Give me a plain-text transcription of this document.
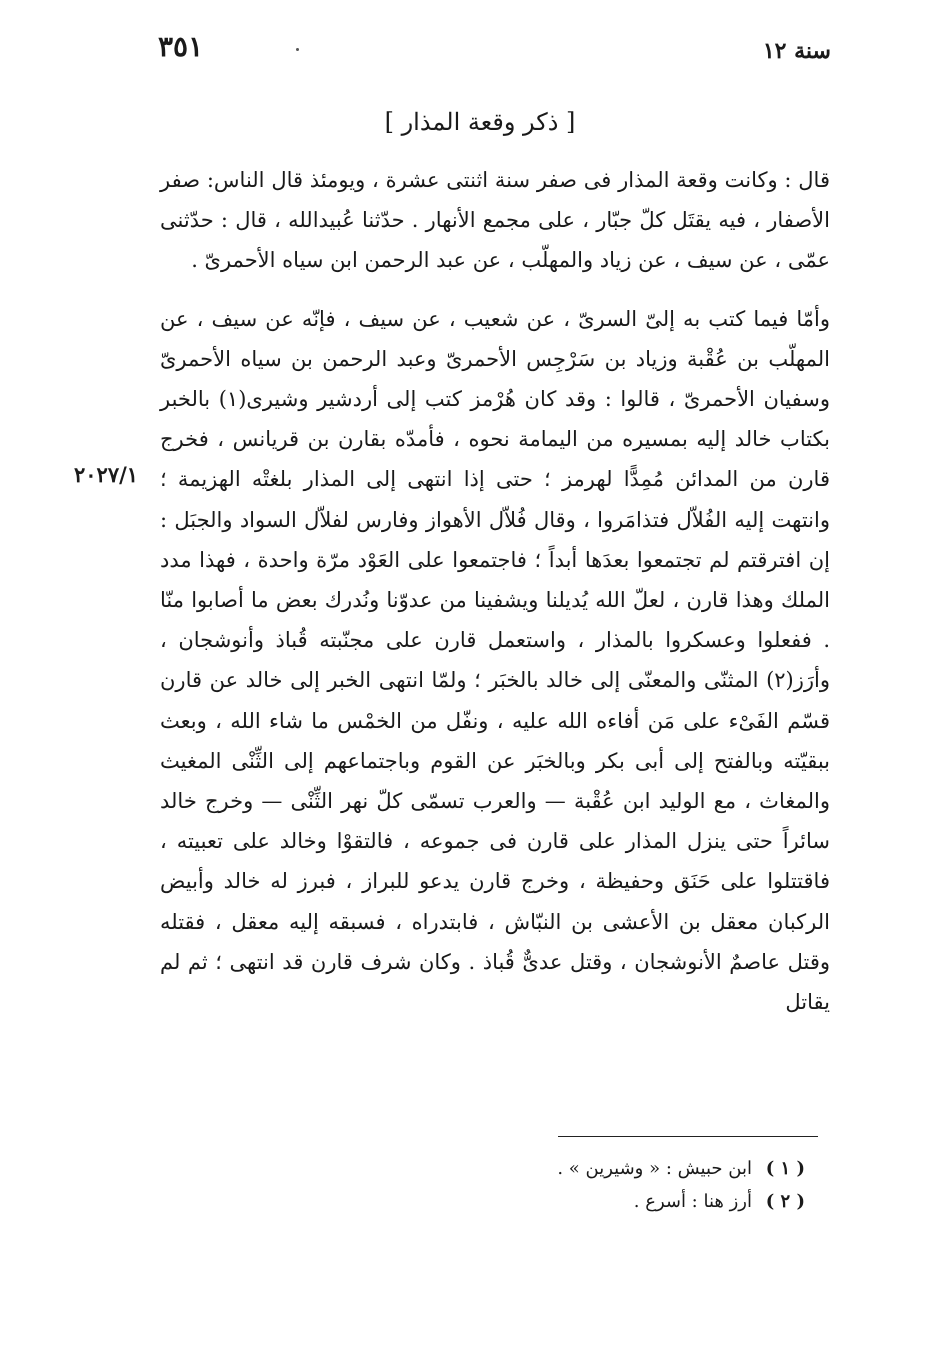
٣٥١	سنة ١٢
[ ذكر وقعة المذار ]
٢٠٢٧/١

قال : وكانت وقعة المذار فى صفر سنة اثنتى عشرة ، ويومئذ قال الناس: صفر الأصفار ، فيه يقتَل كلّ جبّار ، على مجمع الأنهار . حدّثنا عُبيدالله ، قال : حدّثنى عمّى ، عن سيف ، عن زياد والمهلّب ، عن عبد الرحمن ابن سياه الأحمرىّ .

وأمّا فيما كتب به إلىّ السرىّ ، عن شعيب ، عن سيف ، فإنّه عن سيف ، عن المهلّب بن عُقْبة وزياد بن سَرْجِس الأحمرىّ وعبد الرحمن بن سياه الأحمرىّ وسفيان الأحمرىّ ، قالوا : وقد كان هُرْمز كتب إلى أردشير وشيرى(١) بالخبر بكتاب خالد إليه بمسيره من اليمامة نحوه ، فأمدّه بقارن بن قريانس ، فخرج قارن من المدائن مُمِدًّا لهرمز ؛ حتى إذا انتهى إلى المذار بلغتْه الهزيمة ؛ وانتهت إليه الفُلاّل فتذامَروا ، وقال فُلاّل الأهواز وفارس لفلاّل السواد والجبَل : إن افترقتم لم تجتمعوا بعدَها أبداً ؛ فاجتمعوا على العَوْد مرّة واحدة ، فهذا مدد الملك وهذا قارن ، لعلّ الله يُديلنا ويشفينا من عدوّنا ونُدرك بعض ما أصابوا منّا . ففعلوا وعسكروا بالمذار ، واستعمل قارن على مجنّبته قُباذ وأنوشجان ، وأرَز(٢) المثنّى والمعنّى إلى خالد بالخبَر ؛ ولمّا انتهى الخبر إلى خالد عن قارن قسّم الفَىْء على مَن أفاءه الله عليه ، ونفّل من الخمْس ما شاء الله ، وبعث ببقيّته وبالفتح إلى أبى بكر وبالخبَر عن القوم وباجتماعهم إلى الثِّنْى المغيث والمغاث ، مع الوليد ابن عُقْبة — والعرب تسمّى كلّ نهر الثِّنْى — وخرج خالد سائراً حتى ينزل المذار على قارن فى جموعه ، فالتقوْا وخالد على تعبيته ، فاقتتلوا على حَنَق وحفيظة ، وخرج قارن يدعو للبراز ، فبرز له خالد وأبيض الركبان معقل بن الأعشى بن النبّاش ، فابتدراه ، فسبقه إليه معقل ، فقتله وقتل عاصمٌ الأنوشجان ، وقتل عدىٌّ قُباذ . وكان شرف قارن قد انتهى ؛ ثم لم يقاتل

( ١ ) ابن حبيش : « وشيرين » .
( ٢ ) أرز هنا : أسرع .
